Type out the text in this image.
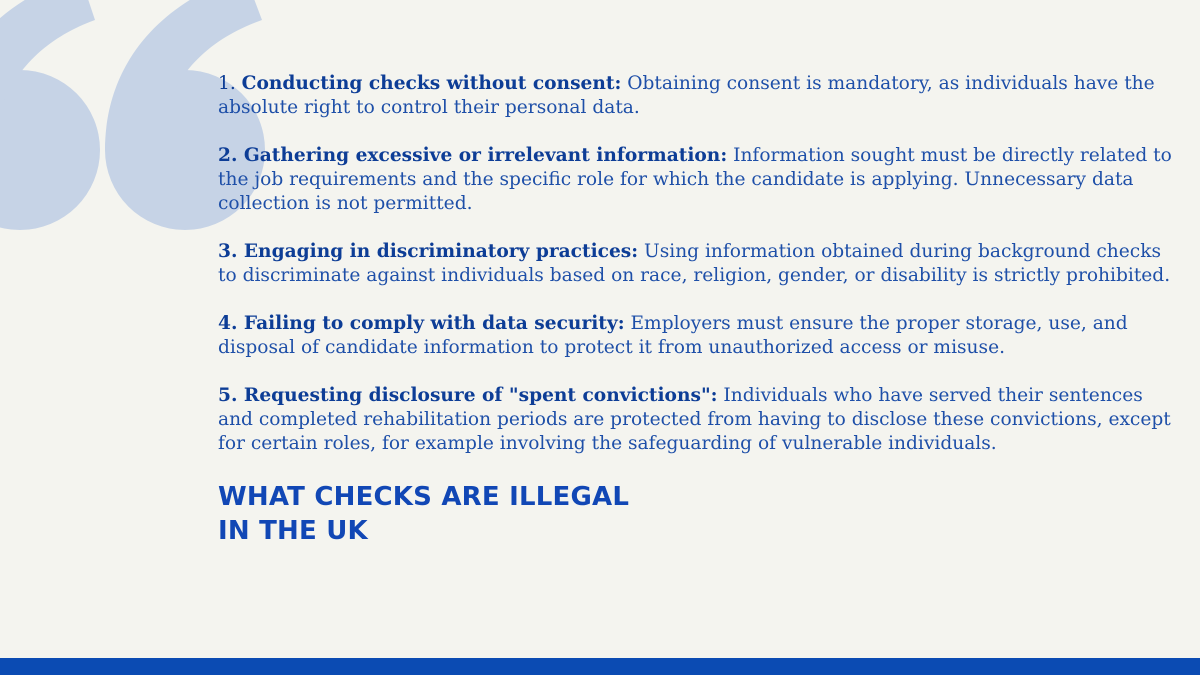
1. Conducting checks without consent: Obtaining consent is mandatory, as individuals have the absolute right to control their personal data.

2. Gathering excessive or irrelevant information: Information sought must be directly related to the job requirements and the specific role for which the candidate is applying. Unnecessary data collection is not permitted.

3. Engaging in discriminatory practices: Using information obtained during background checks to discriminate against individuals based on race, religion, gender, or disability is strictly prohibited.

4. Failing to comply with data security: Employers must ensure the proper storage, use, and disposal of candidate information to protect it from unauthorized access or misuse.

5. Requesting disclosure of "spent convictions": Individuals who have served their sentences and completed rehabilitation periods are protected from having to disclose these convictions, except for certain roles, for example involving the safeguarding of vulnerable individuals.

WHAT CHECKS ARE ILLEGAL
IN THE UK
